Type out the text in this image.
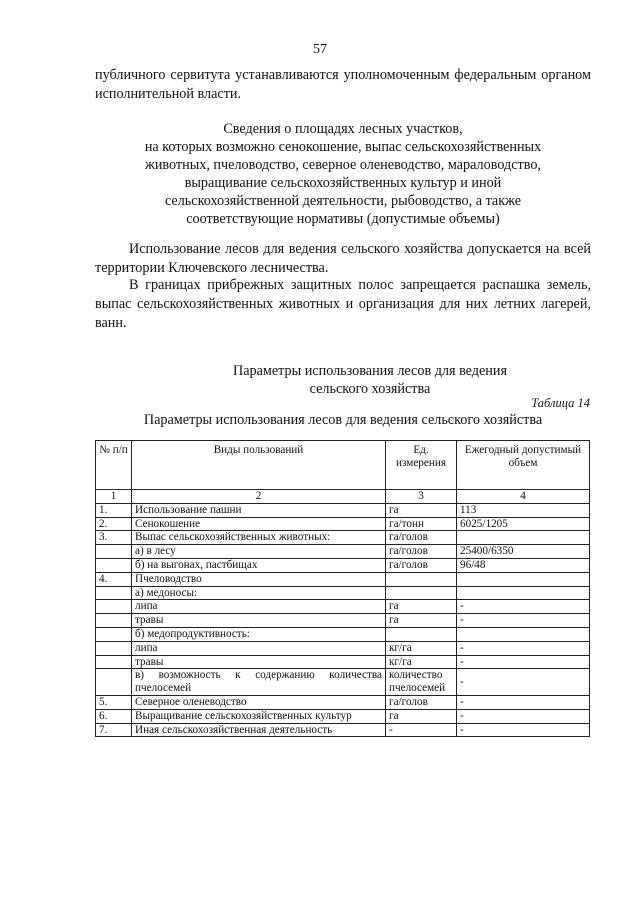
57

публичного сервитута устанавливаются уполномоченным федеральным органом исполнительной власти.

Сведения о площадях лесных участков,
на которых возможно сенокошение, выпас сельскохозяйственных
животных, пчеловодство, северное оленеводство, мараловодство,
выращивание сельскохозяйственных культур и иной
сельскохозяйственной деятельности, рыбоводство, а также
соответствующие нормативы (допустимые объемы)

Использование лесов для ведения сельского хозяйства допускается на всей территории Ключевского лесничества.

В границах прибрежных защитных полос запрещается распашка земель, выпас сельскохозяйственных животных и организация для них летних лагерей, ванн.

Параметры использования лесов для ведения
сельского хозяйства
Таблица 14
Параметры использования лесов для ведения сельского хозяйства
№ п/п	Виды пользований	Ед. измерения	Ежегодный допустимый объем
1	2	3	4
1.	Использование пашни	га	113
2.	Сенокошение	га/тонн	6025/1205
3.	Выпас сельскохозяйственных животных:	га/голов	
	а) в лесу	га/голов	25400/6350
	б) на выгонах, пастбищах	га/голов	96/48
4.	Пчеловодство		
	а) медоносы:		
	липа	га	-
	травы	га	-
	б) медопродуктивность:		
	липа	кг/га	-
	травы	кг/га	-
	в) возможность к содержанию количества пчелосемей	количество пчелосемей	-
5.	Северное оленеводство	га/голов	-
6.	Выращивание сельскохозяйственных культур	га	-
7.	Иная сельскохозяйственная деятельность	-	-
